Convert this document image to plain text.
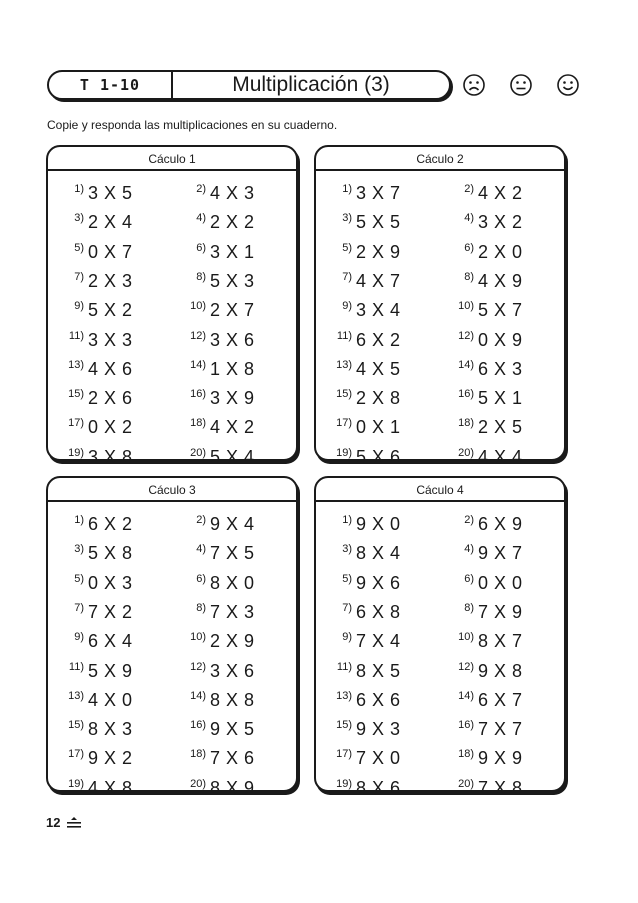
T 1-10	Multiplicación (3)
Copie y responda las multiplicaciones en su cuaderno.
Cáculo 1
1) 3 X 5	2) 4 X 3
3) 2 X 4	4) 2 X 2
5) 0 X 7	6) 3 X 1
7) 2 X 3	8) 5 X 3
9) 5 X 2	10) 2 X 7
11) 3 X 3	12) 3 X 6
13) 4 X 6	14) 1 X 8
15) 2 X 6	16) 3 X 9
17) 0 X 2	18) 4 X 2
19) 3 X 8	20) 5 X 4
Cáculo 2
1) 3 X 7	2) 4 X 2
3) 5 X 5	4) 3 X 2
5) 2 X 9	6) 2 X 0
7) 4 X 7	8) 4 X 9
9) 3 X 4	10) 5 X 7
11) 6 X 2	12) 0 X 9
13) 4 X 5	14) 6 X 3
15) 2 X 8	16) 5 X 1
17) 0 X 1	18) 2 X 5
19) 5 X 6	20) 4 X 4
Cáculo 3
1) 6 X 2	2) 9 X 4
3) 5 X 8	4) 7 X 5
5) 0 X 3	6) 8 X 0
7) 7 X 2	8) 7 X 3
9) 6 X 4	10) 2 X 9
11) 5 X 9	12) 3 X 6
13) 4 X 0	14) 8 X 8
15) 8 X 3	16) 9 X 5
17) 9 X 2	18) 7 X 6
19) 4 X 8	20) 8 X 9
Cáculo 4
1) 9 X 0	2) 6 X 9
3) 8 X 4	4) 9 X 7
5) 9 X 6	6) 0 X 0
7) 6 X 8	8) 7 X 9
9) 7 X 4	10) 8 X 7
11) 8 X 5	12) 9 X 8
13) 6 X 6	14) 6 X 7
15) 9 X 3	16) 7 X 7
17) 7 X 0	18) 9 X 9
19) 8 X 6	20) 7 X 8
12
